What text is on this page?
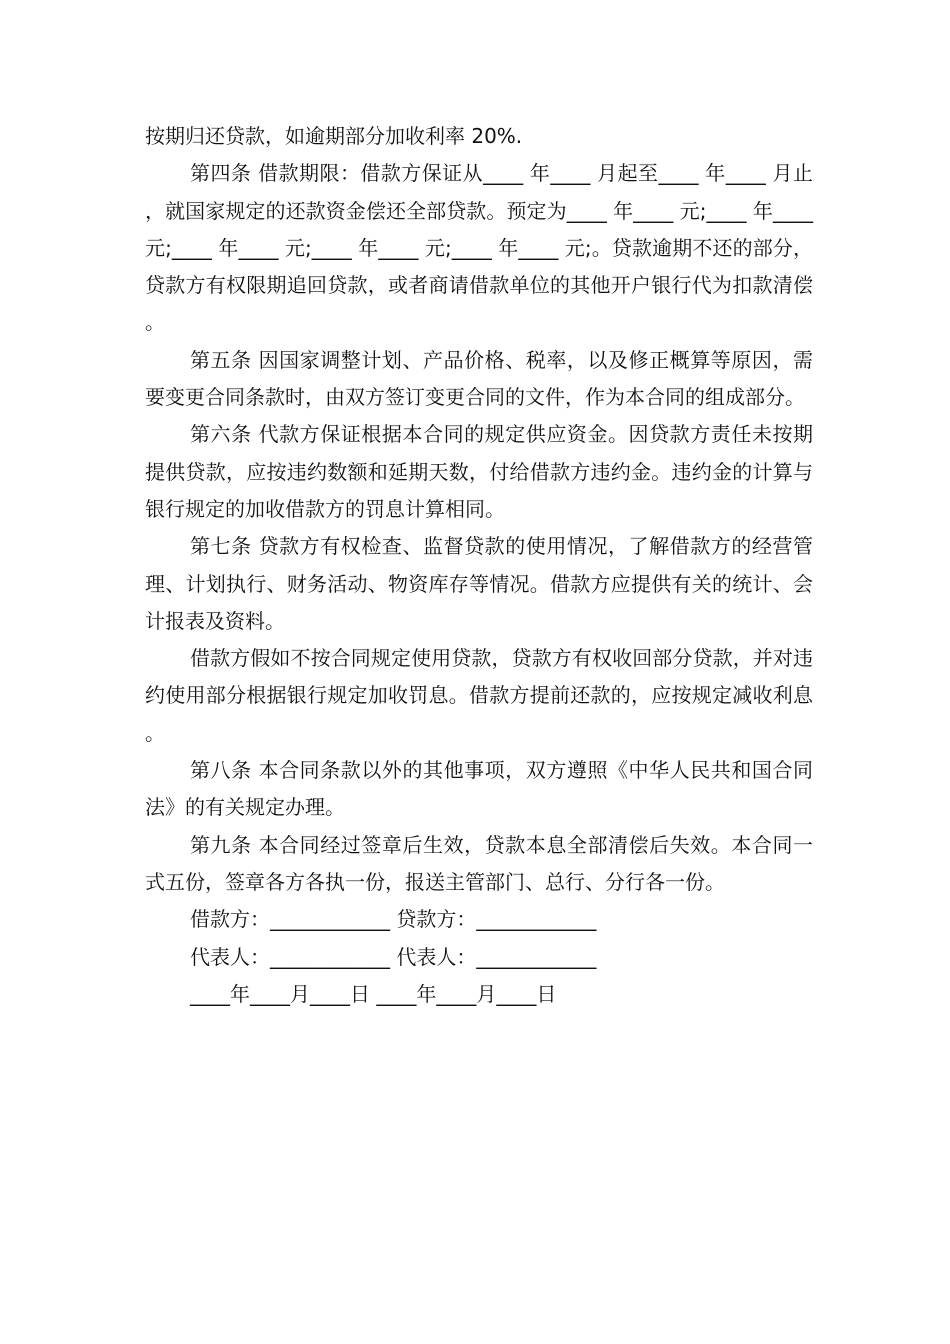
按期归还贷款，如逾期部分加收利率 20%.

第四条 借款期限：借款方保证从____ 年____ 月起至____ 年____ 月止，就国家规定的还款资金偿还全部贷款。预定为____ 年____ 元;____ 年____ 元;____ 年____ 元;____ 年____ 元;____ 年____ 元;。贷款逾期不还的部分，贷款方有权限期追回贷款，或者商请借款单位的其他开户银行代为扣款清偿。

第五条 因国家调整计划、产品价格、税率，以及修正概算等原因，需要变更合同条款时，由双方签订变更合同的文件，作为本合同的组成部分。

第六条 代款方保证根据本合同的规定供应资金。因贷款方责任未按期提供贷款，应按违约数额和延期天数，付给借款方违约金。违约金的计算与银行规定的加收借款方的罚息计算相同。

第七条 贷款方有权检查、监督贷款的使用情况，了解借款方的经营管理、计划执行、财务活动、物资库存等情况。借款方应提供有关的统计、会计报表及资料。

借款方假如不按合同规定使用贷款，贷款方有权收回部分贷款，并对违约使用部分根据银行规定加收罚息。借款方提前还款的，应按规定减收利息。

第八条 本合同条款以外的其他事项，双方遵照《中华人民共和国合同法》的有关规定办理。

第九条 本合同经过签章后生效，贷款本息全部清偿后失效。本合同一式五份，签章各方各执一份，报送主管部门、总行、分行各一份。

借款方：____________ 贷款方：____________

代表人：____________ 代表人：____________

____年____月____日 ____年____月____日
